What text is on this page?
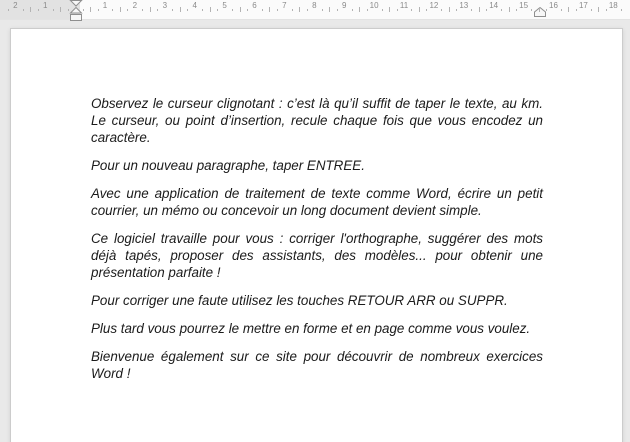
2	1	1	2	3	4	5	6	7	8	9	10	11	12	13	14	15	16	17	18

Observez le curseur clignotant : c’est là qu’il suffit de taper le texte, au km. Le curseur, ou point d’insertion, recule chaque fois que vous encodez un caractère.

Pour un nouveau paragraphe, taper ENTREE.

Avec une application de traitement de texte comme Word, écrire un petit courrier, un mémo ou concevoir un long document devient simple.

Ce logiciel travaille pour vous : corriger l'orthographe, suggérer des mots déjà tapés, proposer des assistants, des modèles... pour obtenir une présentation parfaite !

Pour corriger une faute utilisez les touches RETOUR ARR ou SUPPR.

Plus tard vous pourrez le mettre en forme et en page comme vous voulez.

Bienvenue également sur ce site pour découvrir de nombreux exercices Word !
